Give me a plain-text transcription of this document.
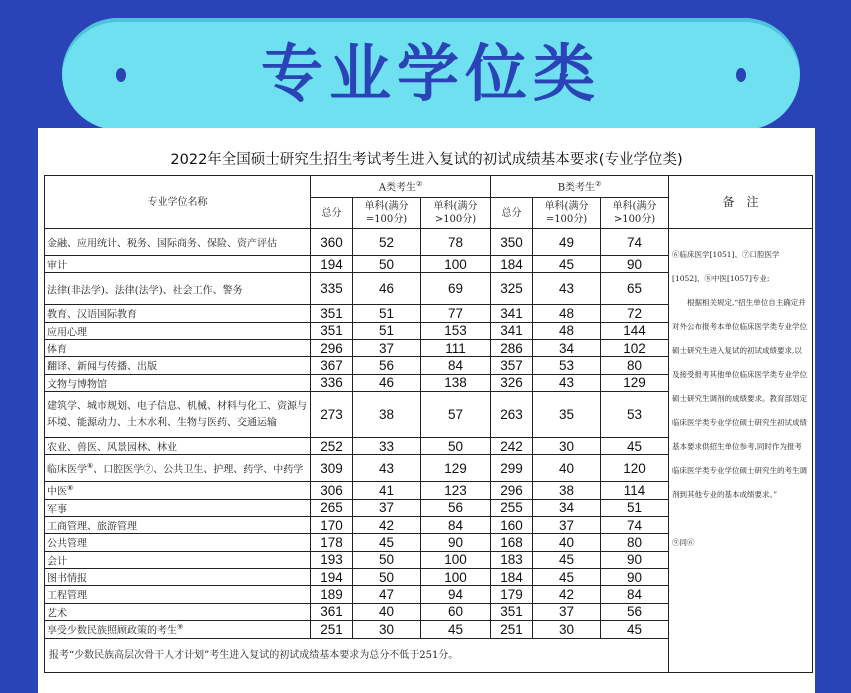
专业学位类
2022年全国硕士研究生招生考试考生进入复试的初试成绩基本要求(专业学位类)
专业学位名称	A类考生②			B类考生②			备　注
	总分	单科(满分=100分)	单科(满分>100分)	总分	单科(满分=100分)	单科(满分>100分)	
金融、应用统计、税务、国际商务、保险、资产评估	360	52	78	350	49	74	⑥临床医学[1051]、⑦口腔医学[1052]、⑧中医[1057]专业:

根据相关规定,“招生单位自主确定并对外公布报考本单位临床医学类专业学位硕士研究生进入复试的初试成绩要求,以及接受报考其他单位临床医学类专业学位硕士研究生调剂的成绩要求。教育部划定临床医学类专业学位硕士研究生初试成绩基本要求供招生单位参考,同时作为报考临床医学类专业学位硕士研究生的考生调剂到其他专业的基本成绩要求。”

⑨同⑥

审计	194	50	100	184	45	90	
法律(非法学)、法律(法学)、社会工作、警务	335	46	69	325	43	65	
教育、汉语国际教育	351	51	77	341	48	72	
应用心理	351	51	153	341	48	144	
体育	296	37	111	286	34	102	
翻译、新闻与传播、出版	367	56	84	357	53	80	
文物与博物馆	336	46	138	326	43	129	
建筑学、城市规划、电子信息、机械、材料与化工、资源与环境、能源动力、土木水利、生物与医药、交通运输	273	38	57	263	35	53	
农业、兽医、风景园林、林业	252	33	50	242	30	45	
临床医学⑥、口腔医学⑦、公共卫生、护理、药学、中药学	309	43	129	299	40	120	
中医⑧	306	41	123	296	38	114	
军事	265	37	56	255	34	51	
工商管理、旅游管理	170	42	84	160	37	74	
公共管理	178	45	90	168	40	80	
会计	193	50	100	183	45	90	
图书情报	194	50	100	184	45	90	
工程管理	189	47	94	179	42	84	
艺术	361	40	60	351	37	56	
享受少数民族照顾政策的考生⑨	251	30	45	251	30	45	
报考“少数民族高层次骨干人才计划”考生进入复试的初试成绩基本要求为总分不低于251分。							
